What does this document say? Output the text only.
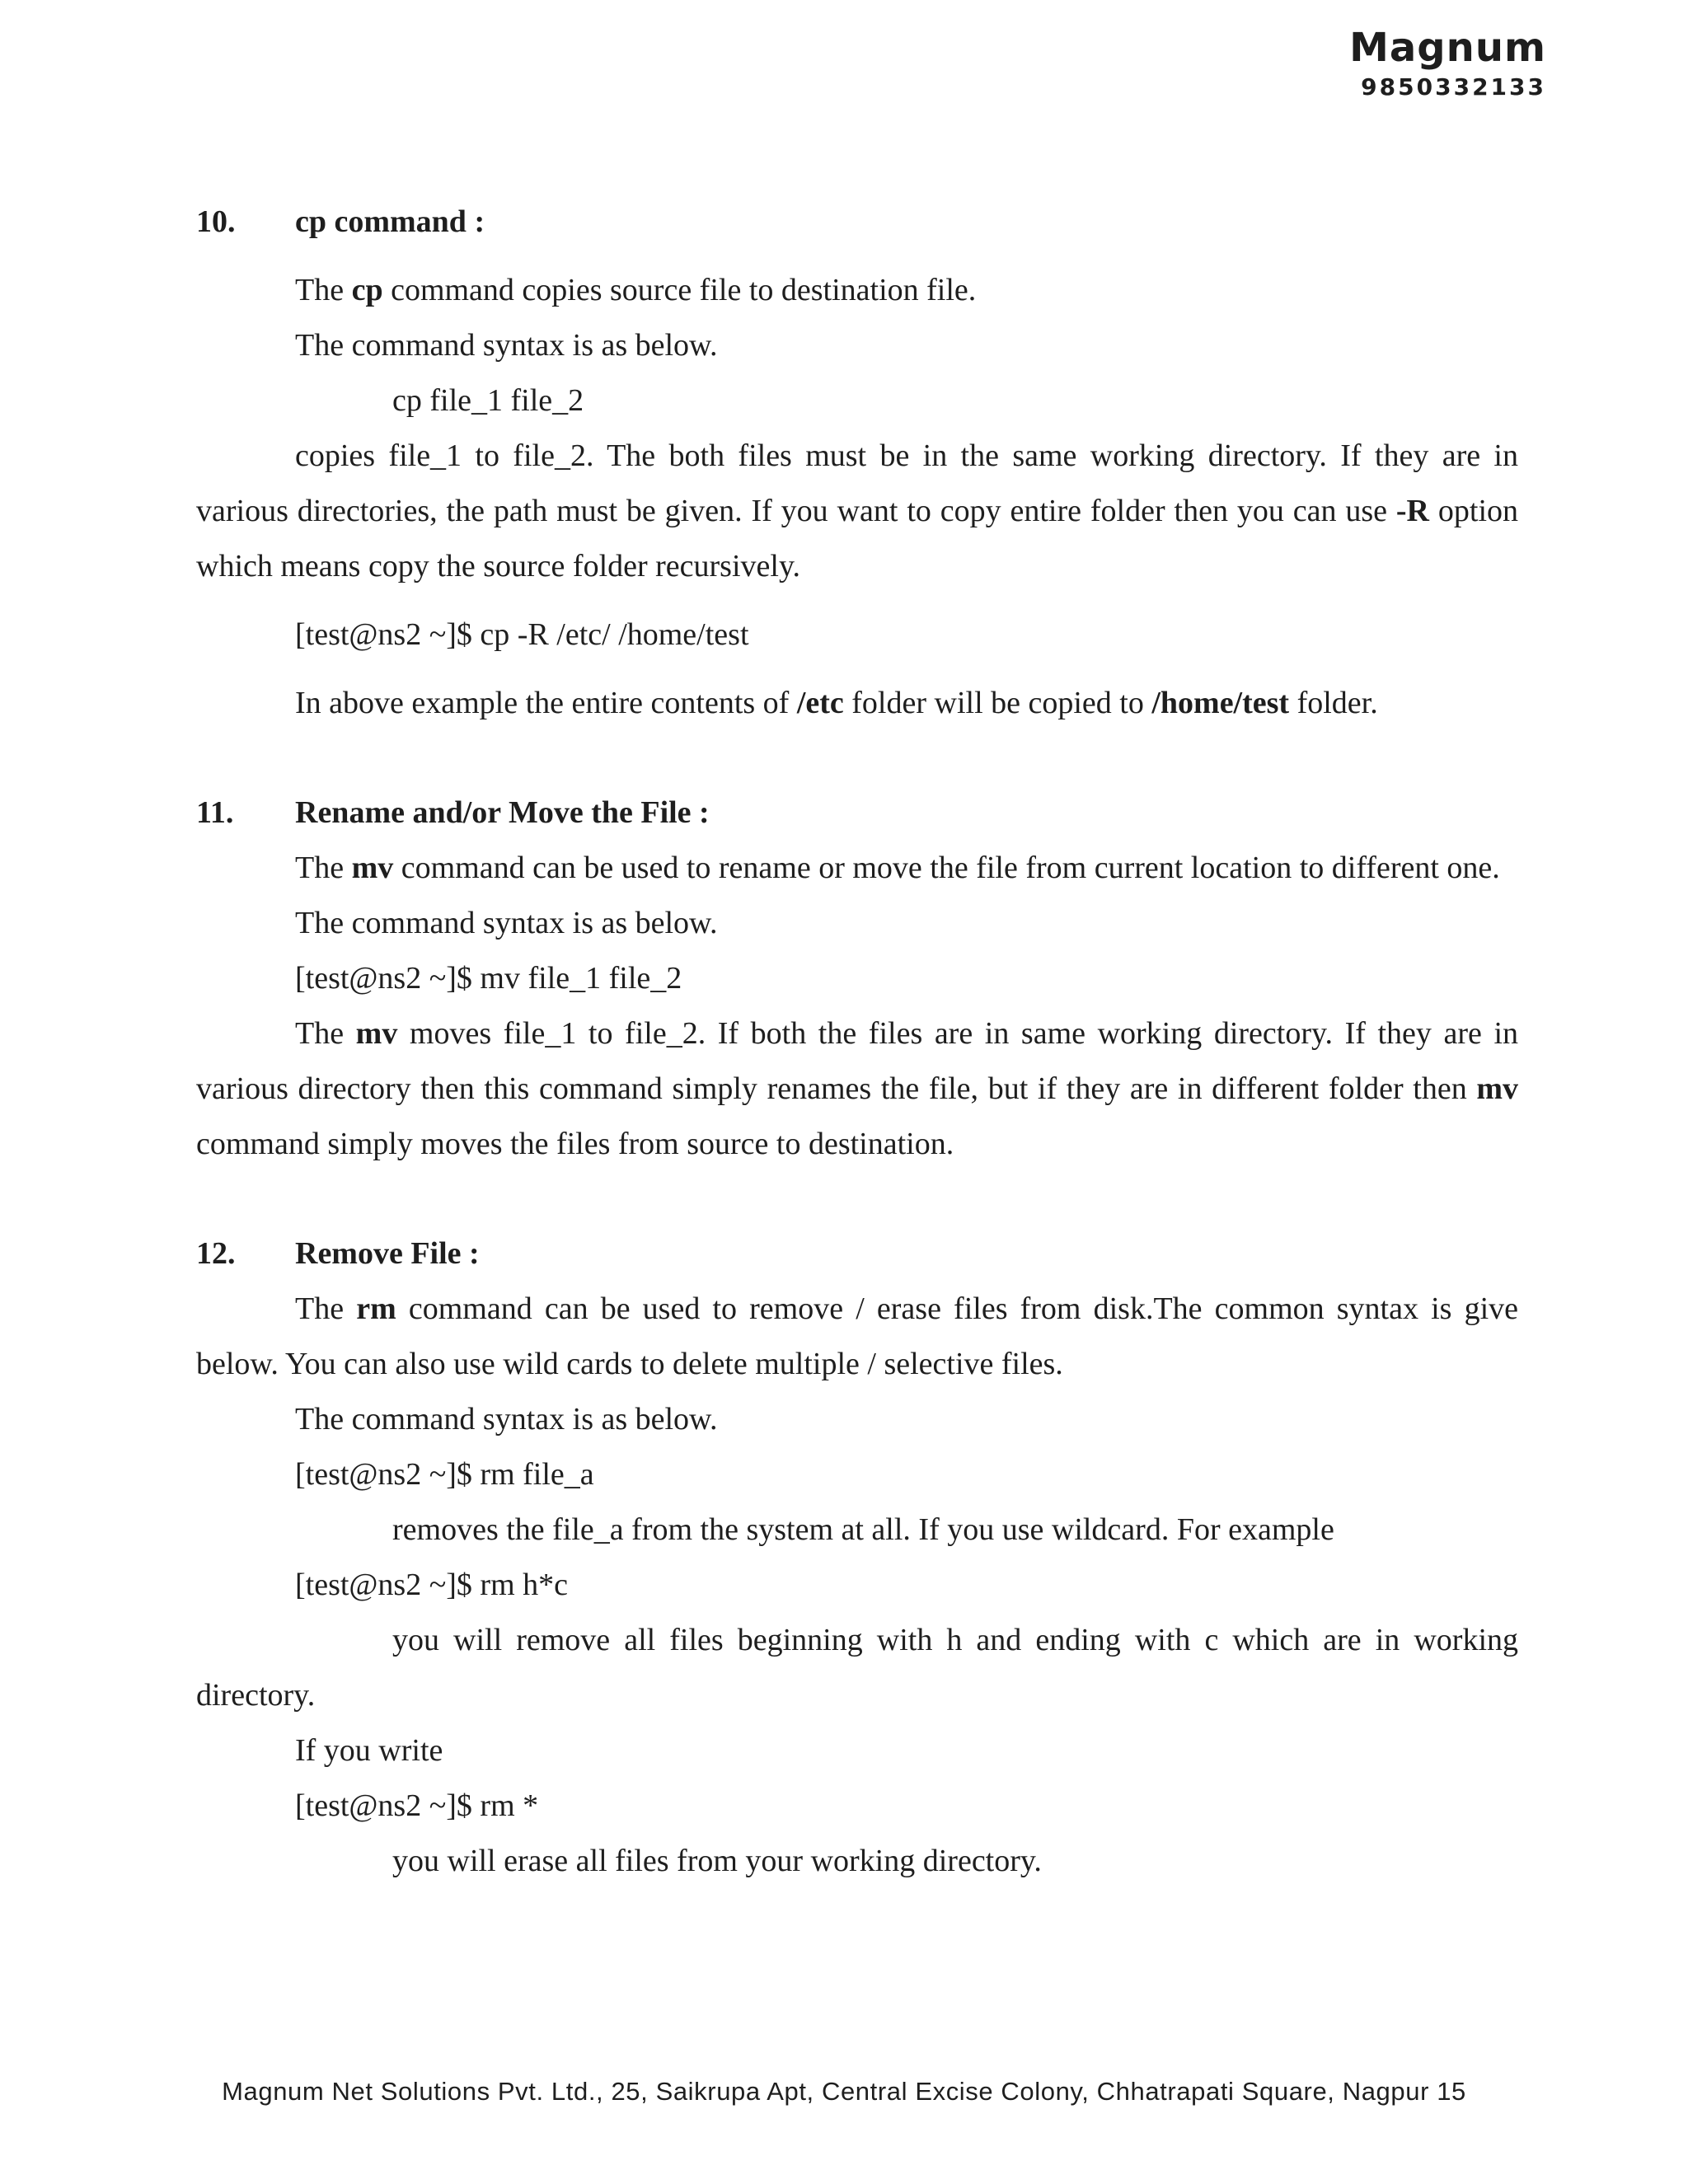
Magnum
9850332133
10. cp command :

The cp command copies source file to destination file.

The command syntax is as below.

cp file_1 file_2

copies file_1 to file_2. The both files must be in the same working directory. If they are in various directories, the path must be given. If you want to copy entire folder then you can use -R option which means copy the source folder recursively.

[test@ns2 ~]$ cp -R /etc/ /home/test

In above example the entire contents of /etc folder will be copied to /home/test folder.

11. Rename and/or Move the File :

The mv command can be used to rename or move the file from current location to different one.

The command syntax is as below.

[test@ns2 ~]$ mv file_1 file_2

The mv moves file_1 to file_2. If both the files are in same working directory. If they are in various directory then this command simply renames the file, but if they are in different folder then mv command simply moves the files from source to destination.

12. Remove File :

The rm command can be used to remove / erase files from disk.The common syntax is give below. You can also use wild cards to delete multiple / selective files.

The command syntax is as below.

[test@ns2 ~]$ rm file_a

removes the file_a from the system at all. If you use wildcard. For example

[test@ns2 ~]$ rm h*c

you will remove all files beginning with h and ending with c which are in working directory.

If you write

[test@ns2 ~]$ rm *

you will erase all files from your working directory.

Magnum Net Solutions Pvt. Ltd., 25, Saikrupa Apt, Central Excise Colony, Chhatrapati Square, Nagpur 15
